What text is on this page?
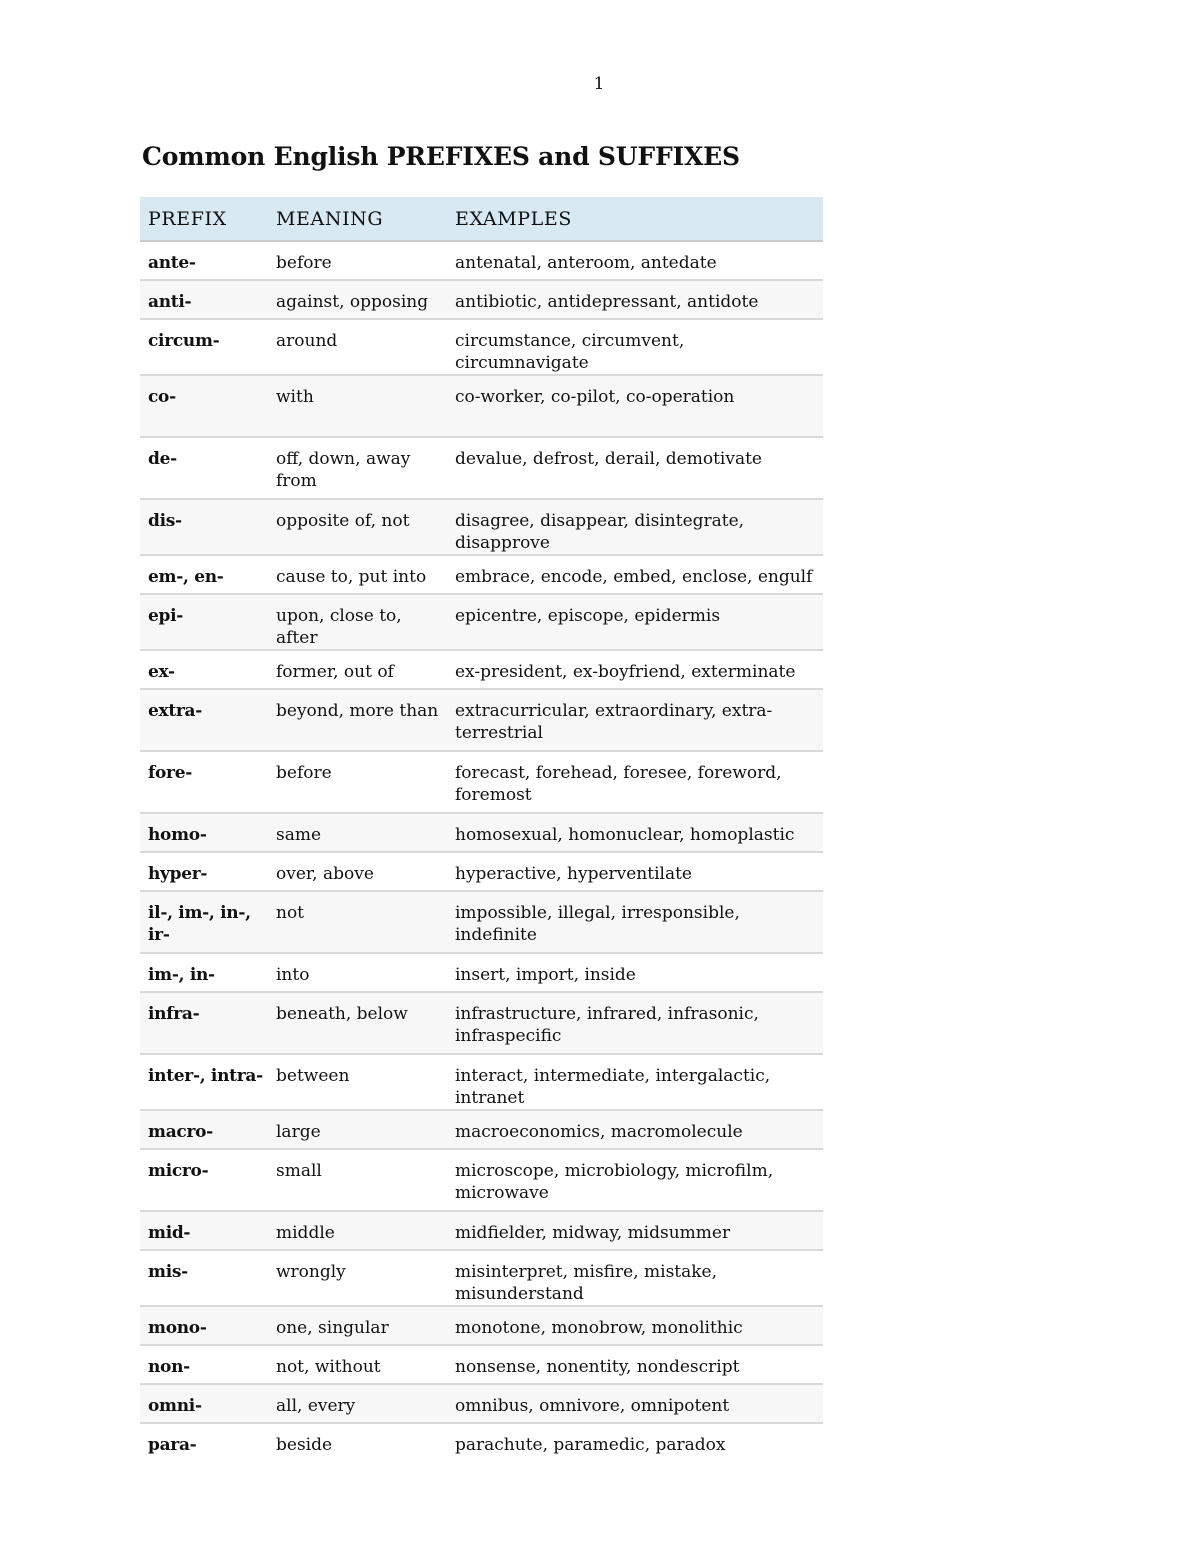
1
Common English PREFIXES and SUFFIXES
PREFIX	MEANING	EXAMPLES
ante-	before	antenatal, anteroom, antedate
anti-	against, opposing	antibiotic, antidepressant, antidote
circum-	around	circumstance, circumvent, circumnavigate
co-	with	co-worker, co-pilot, co-operation
de-	off, down, away from	devalue, defrost, derail, demotivate
dis-	opposite of, not	disagree, disappear, disintegrate, disapprove
em-, en-	cause to, put into	embrace, encode, embed, enclose, engulf
epi-	upon, close to, after	epicentre, episcope, epidermis
ex-	former, out of	ex-president, ex-boyfriend, exterminate
extra-	beyond, more than	extracurricular, extraordinary, extra-terrestrial
fore-	before	forecast, forehead, foresee, foreword, foremost
homo-	same	homosexual, homonuclear, homoplastic
hyper-	over, above	hyperactive, hyperventilate
il-, im-, in-, ir-	not	impossible, illegal, irresponsible, indefinite
im-, in-	into	insert, import, inside
infra-	beneath, below	infrastructure, infrared, infrasonic, infraspecific
inter-, intra-	between	interact, intermediate, intergalactic, intranet
macro-	large	macroeconomics, macromolecule
micro-	small	microscope, microbiology, microfilm, microwave
mid-	middle	midfielder, midway, midsummer
mis-	wrongly	misinterpret, misfire, mistake, misunderstand
mono-	one, singular	monotone, monobrow, monolithic
non-	not, without	nonsense, nonentity, nondescript
omni-	all, every	omnibus, omnivore, omnipotent
para-	beside	parachute, paramedic, paradox
